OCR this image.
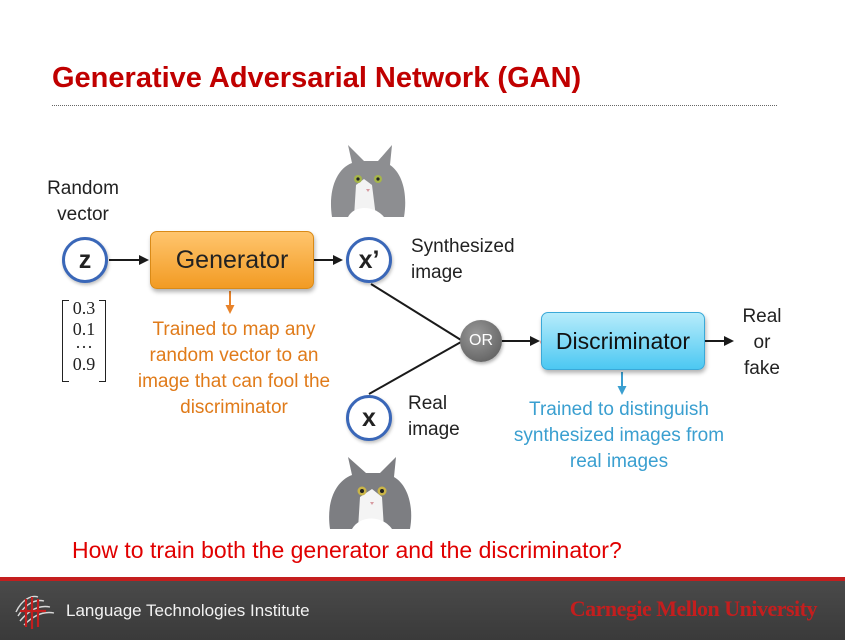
Generative Adversarial Network (GAN)
Random
vector
z
0.3
0.1
···
0.9
Generator
Trained to map any random vector to an image that can fool the discriminator
x’	Synthesized
image
x	Real
image
OR	Discriminator
Trained to distinguish synthesized images from real images
Real
or
fake
How to train both the generator and the discriminator?
Language Technologies Institute	Carnegie Mellon University
